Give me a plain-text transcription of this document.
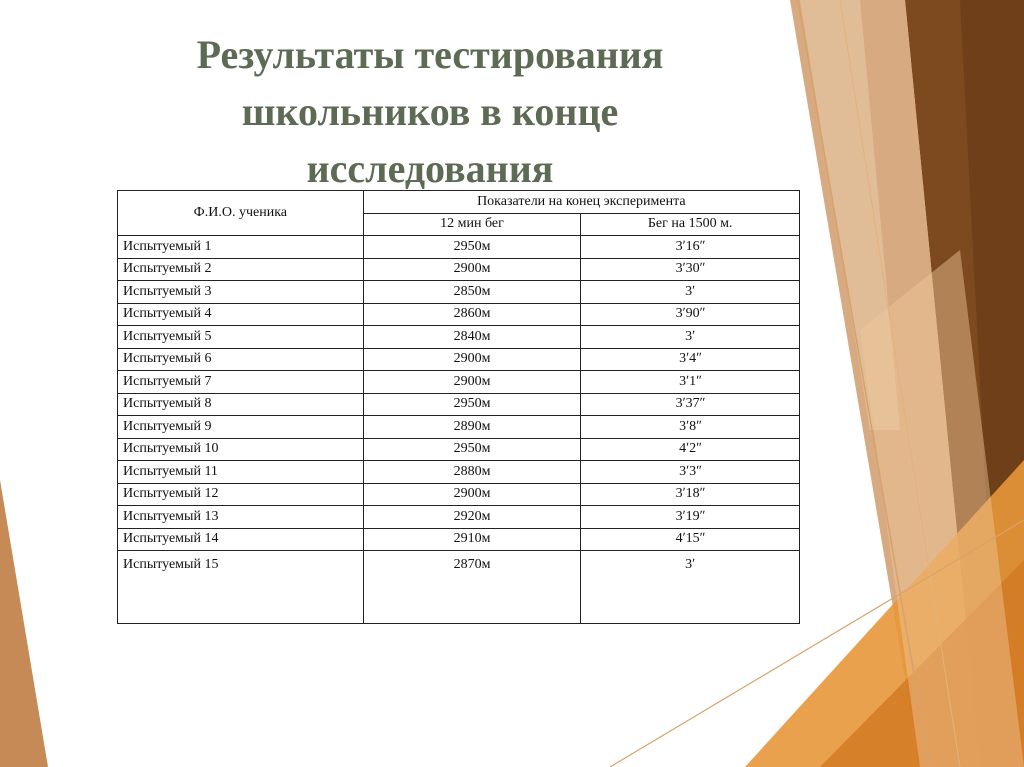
Результаты тестирования
школьников в конце
исследования
Ф.И.О. ученика	Показатели на конец эксперимента	
	12 мин бег	Бег на 1500 м.
Испытуемый 1	2950м	3ʹ16ʺ
Испытуемый 2	2900м	3ʹ30ʺ
Испытуемый 3	2850м	3ʹ
Испытуемый 4	2860м	3ʹ90ʺ
Испытуемый 5	2840м	3ʹ
Испытуемый 6	2900м	3ʹ4ʺ
Испытуемый 7	2900м	3ʹ1ʺ
Испытуемый 8	2950м	3ʹ37ʺ
Испытуемый 9	2890м	3ʹ8ʺ
Испытуемый 10	2950м	4ʹ2ʺ
Испытуемый 11	2880м	3ʹ3ʺ
Испытуемый 12	2900м	3ʹ18ʺ
Испытуемый 13	2920м	3ʹ19ʺ
Испытуемый 14	2910м	4ʹ15ʺ
Испытуемый 15	2870м	3ʹ
